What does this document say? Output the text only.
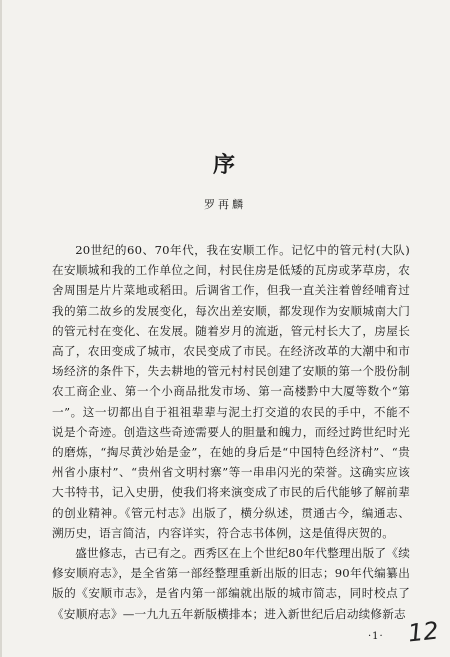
序
罗再麟

20世纪的60、70年代，我在安顺工作。记忆中的管元村(大队)在安顺城和我的工作单位之间，村民住房是低矮的瓦房或茅草房，农舍周围是片片菜地或稻田。后调省工作，但我一直关注着曾经哺育过我的第二故乡的发展变化，每次出差安顺，都发现作为安顺城南大门的管元村在变化、在发展。随着岁月的流逝，管元村长大了，房屋长高了，农田变成了城市，农民变成了市民。在经济改革的大潮中和市场经济的条件下，失去耕地的管元村村民创建了安顺的第一个股份制农工商企业、第一个小商品批发市场、第一高楼黔中大厦等数个“第一”。这一切都出自于祖祖辈辈与泥土打交道的农民的手中，不能不说是个奇迹。创造这些奇迹需要人的胆量和魄力，而经过跨世纪时光的磨炼，“掏尽黄沙始是金”，在她的身后是“中国特色经济村”、“贵州省小康村”、“贵州省文明村寨”等一串串闪光的荣誉。这确实应该大书特书，记入史册，使我们将来演变成了市民的后代能够了解前辈的创业精神。《管元村志》出版了，横分纵述，贯通古今，编通志、溯历史，语言简洁，内容详实，符合志书体例，这是值得庆贺的。

盛世修志，古已有之。西秀区在上个世纪80年代整理出版了《续修安顺府志》，是全省第一部经整理重新出版的旧志；90年代编纂出版的《安顺市志》，是省内第一部编就出版的城市简志，同时校点了《安顺府志》—一九九五年新版横排本；进入新世纪后启动续修新志

·1· 12
